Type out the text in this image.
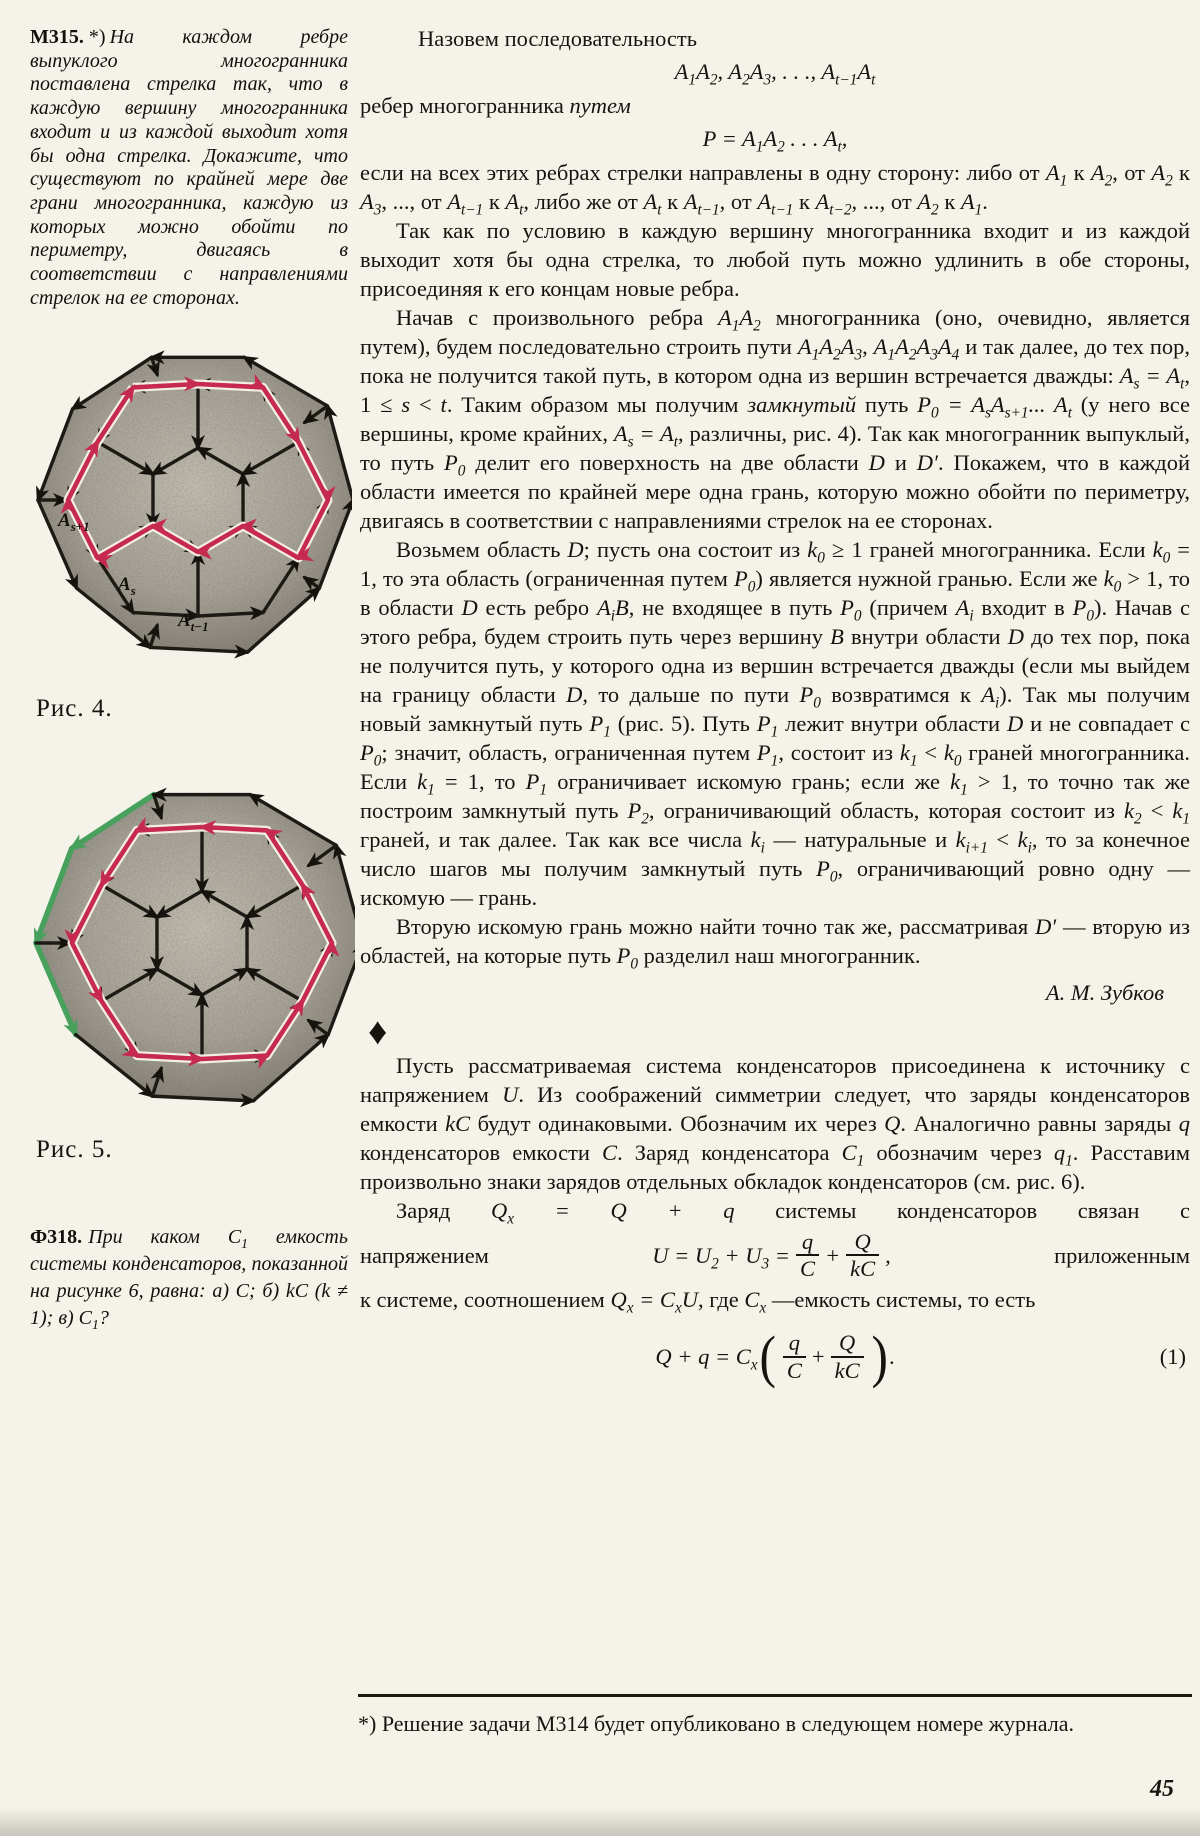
М315. *) На каждом ребре выпуклого многогранника поставлена стрелка так, что в каждую вершину многогранника входит и из каждой выходит хотя бы одна стрелка. Докажите, что существуют по крайней мере две грани многогранника, каждую из которых можно обойти по периметру, двигаясь в соответствии с направлениями стрелок на ее сторонах.
$A_{s+1}$
$A_s$
$A_{t-1}$
Рис. 4.
Рис. 5.
Ф318. При каком $C_1$ емкость системы конденсаторов, показанной на рисунке 6, равна: а) C; б) kC (k ≠ 1); в) $C_1$?
Назовем последовательность
$A_1A_2$, $A_2A_3$, . . ., $A_{t-1}A_t$
ребер многогранника путем
$P = A_1A_2$ . . . $A_t$,
если на всех этих ребрах стрелки направлены в одну сторону: либо от $A_1$ к $A_2$, от $A_2$ к $A_3$, ..., от $A_{t-1}$ к $A_t$, либо же от $A_t$ к $A_{t-1}$, от $A_{t-1}$ к $A_{t-2}$, ..., от $A_2$ к $A_1$.
Так как по условию в каждую вершину многогранника входит и из каждой выходит хотя бы одна стрелка, то любой путь можно удлинить в обе стороны, присоединяя к его концам новые ребра.
Начав с произвольного ребра $A_1A_2$ многогранника (оно, очевидно, является путем), будем последовательно строить пути $A_1A_2A_3$, $A_1A_2A_3A_4$ и так далее, до тех пор, пока не получится такой путь, в котором одна из вершин встречается дважды: $A_s = A_t$, 1 ≤ s < t. Таким образом мы получим замкнутый путь $P_0 = A_sA_{s+1}$... $A_t$ (у него все вершины, кроме крайних, $A_s = A_t$, различны, рис. 4). Так как многогранник выпуклый, то путь $P_0$ делит его поверхность на две области D и D′. Покажем, что в каждой области имеется по крайней мере одна грань, которую можно обойти по периметру, двигаясь в соответствии с направлениями стрелок на ее сторонах.
Возьмем область D; пусть она состоит из $k_0 \ge 1$ граней многогранника. Если $k_0 = 1$, то эта область (ограниченная путем $P_0$) является нужной гранью. Если же $k_0 > 1$, то в области D есть ребро $A_iB$, не входящее в путь $P_0$ (причем $A_i$ входит в $P_0$). Начав с этого ребра, будем строить путь через вершину B внутри области D до тех пор, пока не получится путь, у которого одна из вершин встречается дважды (если мы выйдем на границу области D, то дальше по пути $P_0$ возвратимся к $A_i$). Так мы получим новый замкнутый путь $P_1$ (рис. 5). Путь $P_1$ лежит внутри области D и не совпадает с $P_0$; значит, область, ограниченная путем $P_1$, состоит из $k_1 < k_0$ граней многогранника. Если $k_1 = 1$, то $P_1$ ограничивает искомую грань; если же $k_1 > 1$, то точно так же построим замкнутый путь $P_2$, ограничивающий область, которая состоит из $k_2 < k_1$ граней, и так далее. Так как все числа $k_i$ — натуральные и $k_{i+1} < k_i$, то за конечное число шагов мы получим замкнутый путь $P_0$, ограничивающий ровно одну — искомую — грань.
Вторую искомую грань можно найти точно так же, рассматривая D′ — вторую из областей, на которые путь $P_0$ разделил наш многогранник.
А. М. Зубков
♦
Пусть рассматриваемая система конденсаторов присоединена к источнику с напряжением U. Из соображений симметрии следует, что заряды конденсаторов емкости kC будут одинаковыми. Обозначим их через Q. Аналогично равны заряды q конденсаторов емкости C. Заряд конденсатора $C_1$ обозначим через $q_1$. Расставим произвольно знаки зарядов отдельных обкладок конденсаторов (см. рис. 6).
Заряд $Q_x = Q + q$ системы конденсаторов связан с
напряжением	$U = U_2 + U_3 = \frac{q}{C} + \frac{Q}{kC}$ ,	приложенным
к системе, соотношением $Q_x = C_xU$, где $C_x$ —емкость системы, то есть
$Q + q = C_x$ ( $\frac{q}{C} + \frac{Q}{kC}$ ) .	(1)
*) Решение задачи М314 будет опубликовано в следующем номере журнала.
45
